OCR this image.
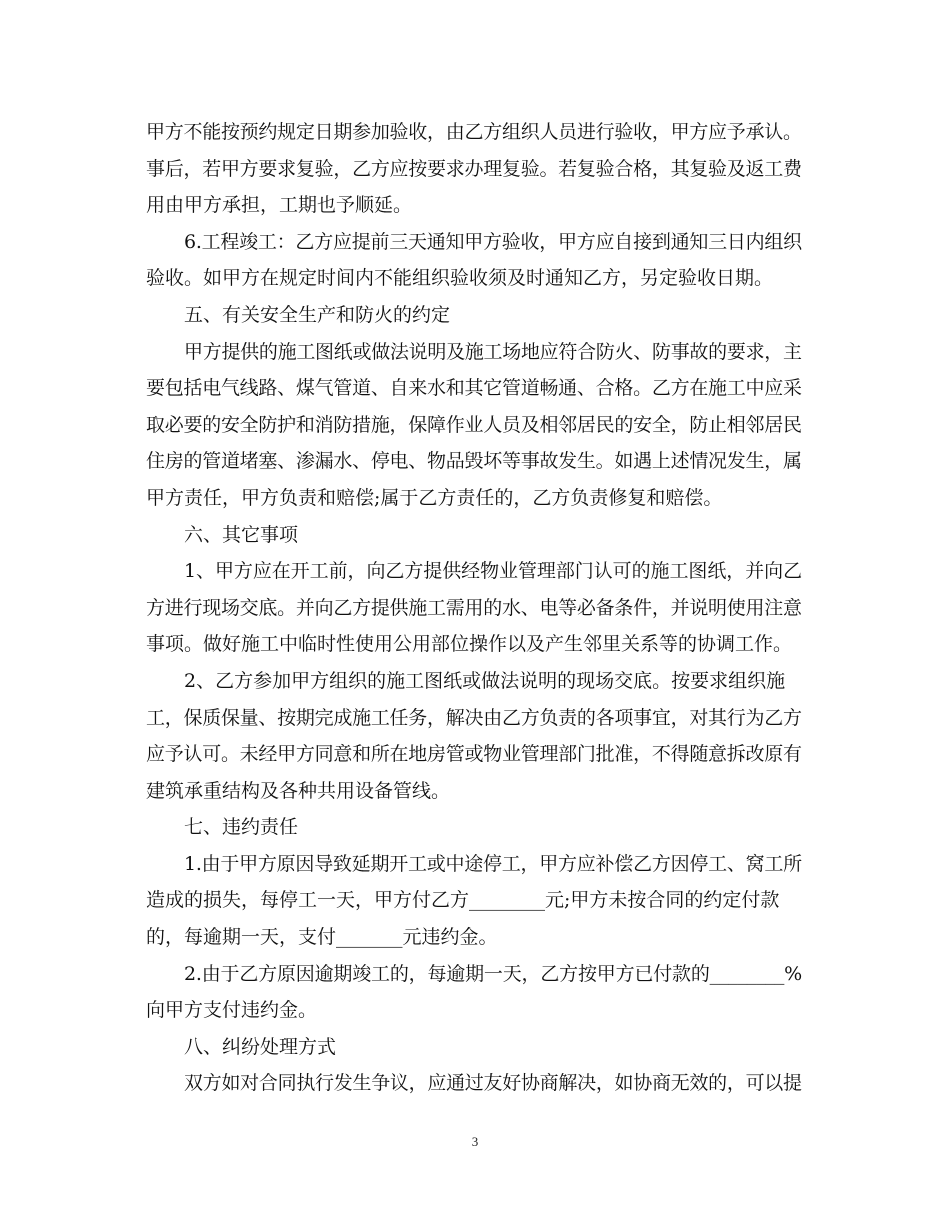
甲方不能按预约规定日期参加验收，由乙方组织人员进行验收，甲方应予承认。
事后，若甲方要求复验，乙方应按要求办理复验。若复验合格，其复验及返工费
用由甲方承担，工期也予顺延。
6.工程竣工：乙方应提前三天通知甲方验收，甲方应自接到通知三日内组织
验收。如甲方在规定时间内不能组织验收须及时通知乙方，另定验收日期。
五、有关安全生产和防火的约定
甲方提供的施工图纸或做法说明及施工场地应符合防火、防事故的要求，主
要包括电气线路、煤气管道、自来水和其它管道畅通、合格。乙方在施工中应采
取必要的安全防护和消防措施，保障作业人员及相邻居民的安全，防止相邻居民
住房的管道堵塞、渗漏水、停电、物品毁坏等事故发生。如遇上述情况发生，属
甲方责任，甲方负责和赔偿;属于乙方责任的，乙方负责修复和赔偿。
六、其它事项
1、甲方应在开工前，向乙方提供经物业管理部门认可的施工图纸，并向乙
方进行现场交底。并向乙方提供施工需用的水、电等必备条件，并说明使用注意
事项。做好施工中临时性使用公用部位操作以及产生邻里关系等的协调工作。
2、乙方参加甲方组织的施工图纸或做法说明的现场交底。按要求组织施
工，保质保量、按期完成施工任务，解决由乙方负责的各项事宜，对其行为乙方
应予认可。未经甲方同意和所在地房管或物业管理部门批准，不得随意拆改原有
建筑承重结构及各种共用设备管线。
七、违约责任
1.由于甲方原因导致延期开工或中途停工，甲方应补偿乙方因停工、窝工所
造成的损失，每停工一天，甲方付乙方________元;甲方未按合同的约定付款
的，每逾期一天，支付_______元违约金。
2.由于乙方原因逾期竣工的，每逾期一天，乙方按甲方已付款的________%
向甲方支付违约金。
八、纠纷处理方式
双方如对合同执行发生争议，应通过友好协商解决，如协商无效的，可以提
3
